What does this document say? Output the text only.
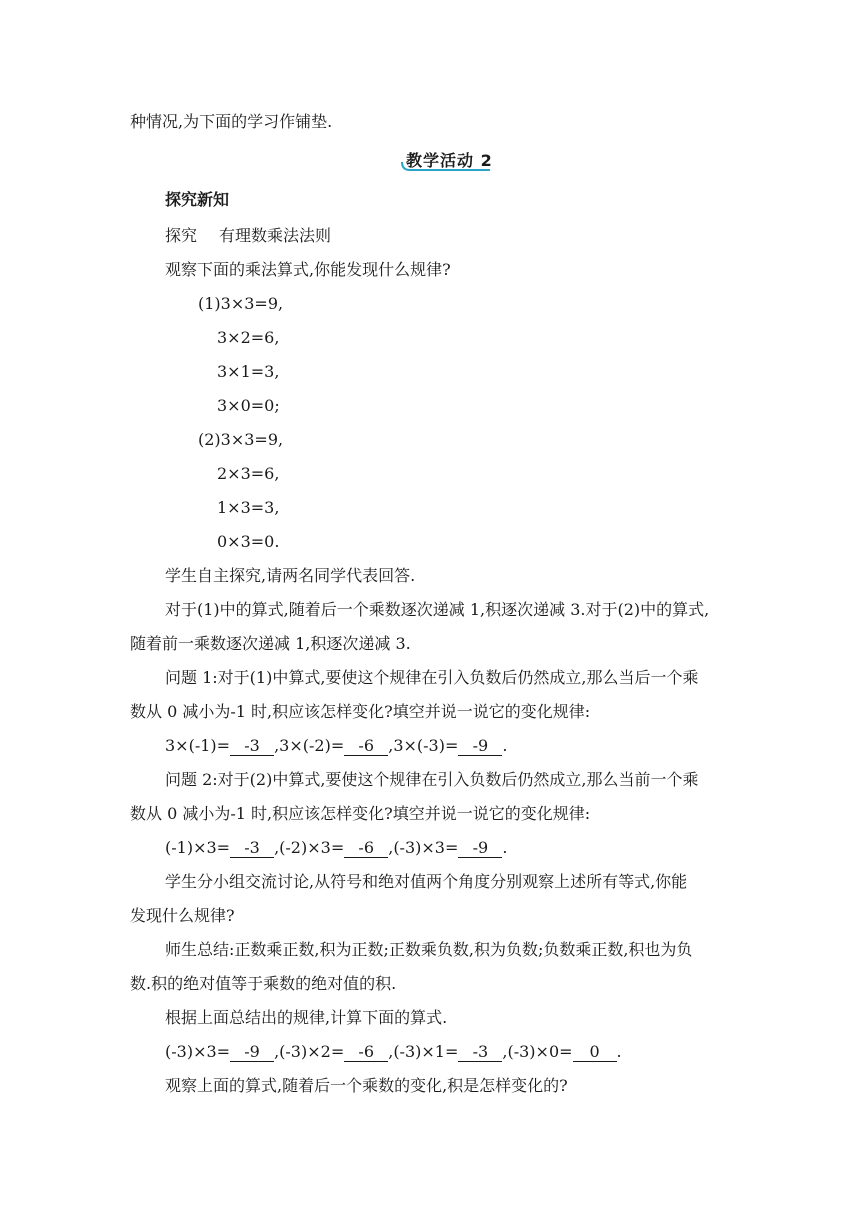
种情况,为下面的学习作铺垫.
教学活动 2
探究新知
探究 有理数乘法法则
观察下面的乘法算式,你能发现什么规律?
(1)3×3=9,
3×2=6,
3×1=3,
3×0=0;
(2)3×3=9,
2×3=6,
1×3=3,
0×3=0.
学生自主探究,请两名同学代表回答.
对于(1)中的算式,随着后一个乘数逐次递减 1,积逐次递减 3.对于(2)中的算式,
随着前一乘数逐次递减 1,积逐次递减 3.
问题 1:对于(1)中算式,要使这个规律在引入负数后仍然成立,那么当后一个乘
数从 0 减小为-1 时,积应该怎样变化?填空并说一说它的变化规律:
3×(-1)= -3 ,3×(-2)= -6 ,3×(-3)= -9 .
问题 2:对于(2)中算式,要使这个规律在引入负数后仍然成立,那么当前一个乘
数从 0 减小为-1 时,积应该怎样变化?填空并说一说它的变化规律:
(-1)×3= -3 ,(-2)×3= -6 ,(-3)×3= -9 .
学生分小组交流讨论,从符号和绝对值两个角度分别观察上述所有等式,你能
发现什么规律?
师生总结:正数乘正数,积为正数;正数乘负数,积为负数;负数乘正数,积也为负
数.积的绝对值等于乘数的绝对值的积.
根据上面总结出的规律,计算下面的算式.
(-3)×3= -9 ,(-3)×2= -6 ,(-3)×1= -3 ,(-3)×0= 0 .
观察上面的算式,随着后一个乘数的变化,积是怎样变化的?
